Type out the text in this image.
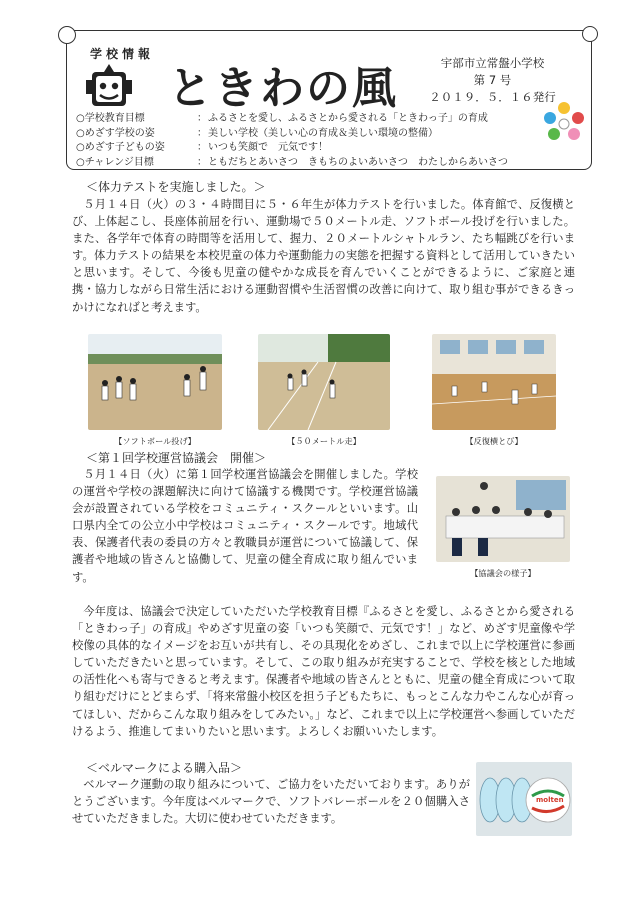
学校情報
ときわの風	宇部市立常盤小学校
第 7 号
２０１９．５．１６発行
○学校教育目標	：ふるさとを愛し、ふるさとから愛される「ときわっ子」の育成
○めざす学校の姿	：美しい学校（美しい心の育成＆美しい環境の整備）
○めざす子どもの姿	：いつも笑顔で　元気です！
○チャレンジ目標	：ともだちとあいさつ　きもちのよいあいさつ　わたしからあいさつ
＜体力テストを実施しました。＞

５月１４日（火）の３・４時間目に５・６年生が体力テストを行いました。体育館で、反復横とび、上体起こし、長座体前屈を行い、運動場で５０メートル走、ソフトボール投げを行いました。また、各学年で体育の時間等を活用して、握力、２０メートルシャトルラン、たち幅跳びを行います。体力テストの結果を本校児童の体力や運動能力の実態を把握する資料として活用していきたいと思います。そして、今後も児童の健やかな成長を育んでいくことができるように、ご家庭と連携・協力しながら日常生活における運動習慣や生活習慣の改善に向けて、取り組む事ができるきっかけになればと考えます。

【ソフトボール投げ】	【５０メートル走】	【反復横とび】
＜第１回学校運営協議会　開催＞

５月１４日（火）に第１回学校運営協議会を開催しました。学校の運営や学校の課題解決に向けて協議する機関です。学校運営協議会が設置されている学校をコミュニティ・スクールといいます。山口県内全ての公立小中学校はコミュニティ・スクールです。地域代表、保護者代表の委員の方々と教職員が運営について協議して、保護者や地域の皆さんと協働して、児童の健全育成に取り組んでいます。	【協議会の様子】

今年度は、協議会で決定していただいた学校教育目標『ふるさとを愛し、ふるさとから愛される「ときわっ子」の育成』やめざす児童の姿「いつも笑顔で、元気です！」など、めざす児童像や学校像の具体的なイメージをお互いが共有し、その具現化をめざし、これまで以上に学校運営に参画していただきたいと思っています。そして、この取り組みが充実することで、学校を核とした地域の活性化へも寄与できると考えます。保護者や地域の皆さんとともに、児童の健全育成について取り組むだけにとどまらず、「将来常盤小校区を担う子どもたちに、もっとこんな力やこんな心が育ってほしい、だからこんな取り組みをしてみたい。」など、これまで以上に学校運営へ参画していただけるよう、推進してまいりたいと思います。よろしくお願いいたします。

＜ベルマークによる購入品＞

ベルマーク運動の取り組みについて、ご協力をいただいております。ありがとうございます。今年度はベルマークで、ソフトバレーボールを２０個購入させていただきました。大切に使わせていただきます。

molten
